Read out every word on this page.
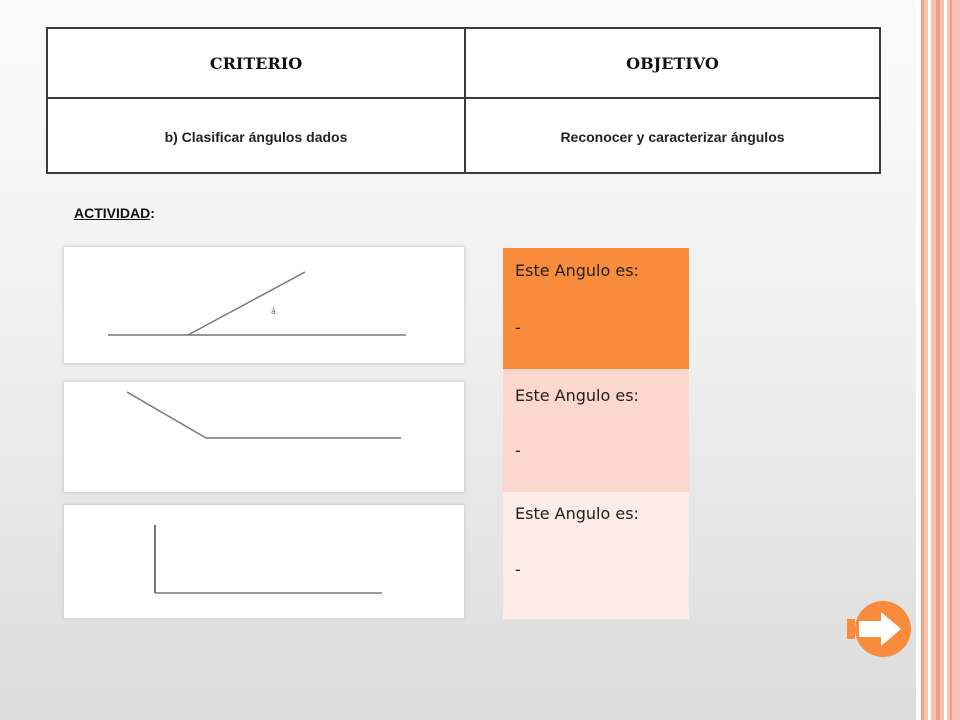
CRITERIO	OBJETIVO
b) Clasificar ángulos dados	Reconocer y caracterizar ángulos
ACTIVIDAD:
á
Este Angulo es:
-
Este Angulo es:
-
Este Angulo es:
-
